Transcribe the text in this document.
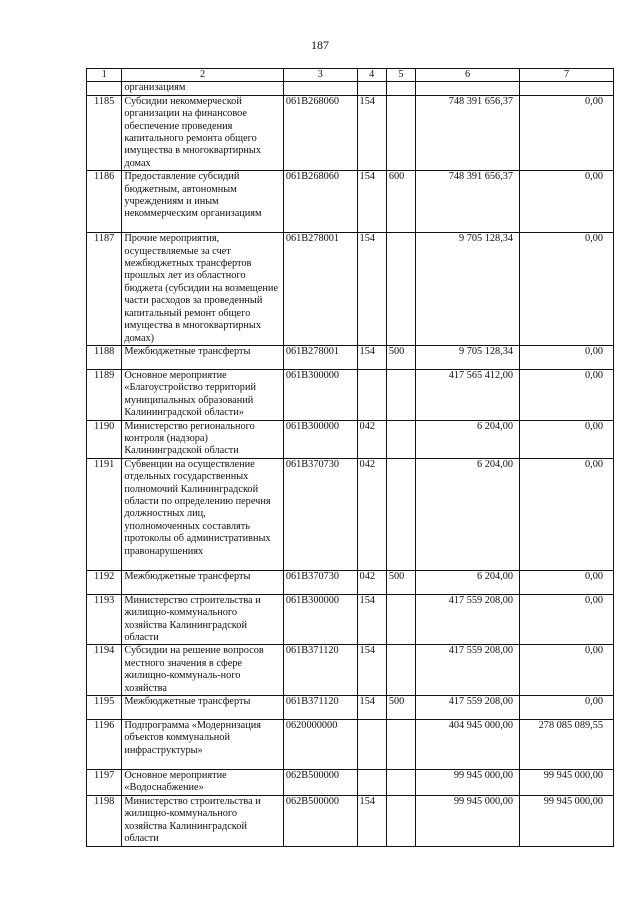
187
1	2	3	4	5	6	7
	организациям					
1185	Субсидии некоммерческой организации на финансовое обеспечение проведения капитального ремонта общего имущества в многоквартирных домах	061В268060	154		748 391 656,37	0,00
1186	Предоставление субсидий бюджетным, автономным учреждениям и иным некоммерческим организациям	061В268060	154	600	748 391 656,37	0,00
1187	Прочие мероприятия, осуществляемые за счет межбюджетных трансфертов прошлых лет из областного бюджета (субсидии на возмещение части расходов за проведенный капитальный ремонт общего имущества в многоквартирных домах)	061В278001	154		9 705 128,34	0,00
1188	Межбюджетные трансферты	061В278001	154	500	9 705 128,34	0,00
1189	Основное мероприятие «Благоустройство территорий муниципальных образований Калининградской области»	061В300000			417 565 412,00	0,00
1190	Министерство регионального контроля (надзора) Калининградской области	061В300000	042		6 204,00	0,00
1191	Субвенции на осуществление отдельных государственных полномочий Калининградской области по определению перечня должностных лиц, уполномоченных составлять протоколы об административных правонарушениях	061В370730	042		6 204,00	0,00
1192	Межбюджетные трансферты	061В370730	042	500	6 204,00	0,00
1193	Министерство строительства и жилищно-коммунального хозяйства Калининградской области	061В300000	154		417 559 208,00	0,00
1194	Субсидии на решение вопросов местного значения в сфере жилищно-коммуналь-ного хозяйства	061В371120	154		417 559 208,00	0,00
1195	Межбюджетные трансферты	061В371120	154	500	417 559 208,00	0,00
1196	Подпрограмма «Модернизация объектов коммунальной инфраструктуры»	0620000000			404 945 000,00	278 085 089,55
1197	Основное мероприятие «Водоснабжение»	062В500000			99 945 000,00	99 945 000,00
1198	Министерство строительства и жилищно-коммунального хозяйства Калининградской области	062В500000	154		99 945 000,00	99 945 000,00
